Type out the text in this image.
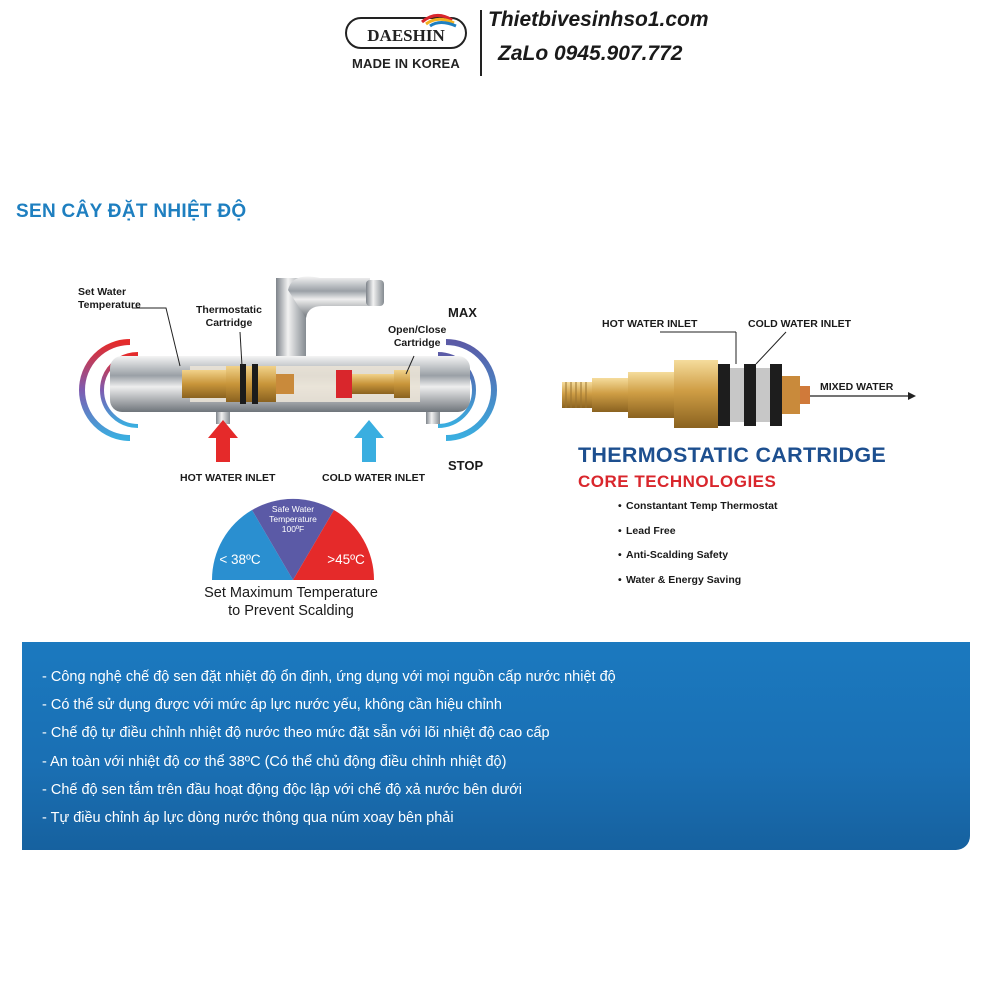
DAESHIN
MADE IN KOREA
Thietbivesinhso1.com
ZaLo 0945.907.772
SEN CÂY ĐẶT NHIỆT ĐỘ
Set Water
Temperature	Thermostatic
Cartridge
Open/Close
Cartridge
MAX
STOP
HOT WATER INLET	COLD WATER INLET
< 38ºC
Safe Water
Temperature
100ºF
>45ºC
Set Maximum Temperature
to Prevent Scalding
HOT WATER INLET	COLD WATER INLET
MIXED WATER
THERMOSTATIC CARTRIDGE
CORE TECHNOLOGIES
• Constantant Temp Thermostat
• Lead Free
• Anti-Scalding Safety
• Water & Energy Saving
- Công nghệ chế độ sen đặt nhiệt độ ổn định, ứng dụng với mọi nguồn cấp nước nhiệt độ
- Có thể sử dụng được với mức áp lực nước yếu, không cần hiệu chỉnh
- Chế độ tự điều chỉnh nhiệt độ nước theo mức đặt sẵn với lõi nhiệt độ cao cấp
- An toàn với nhiệt độ cơ thể 38ºC (Có thể chủ động điều chỉnh nhiệt độ)
- Chế độ sen tắm trên đầu hoạt động độc lập với chế độ xả nước bên dưới
- Tự điều chỉnh áp lực dòng nước thông qua núm xoay bên phải
